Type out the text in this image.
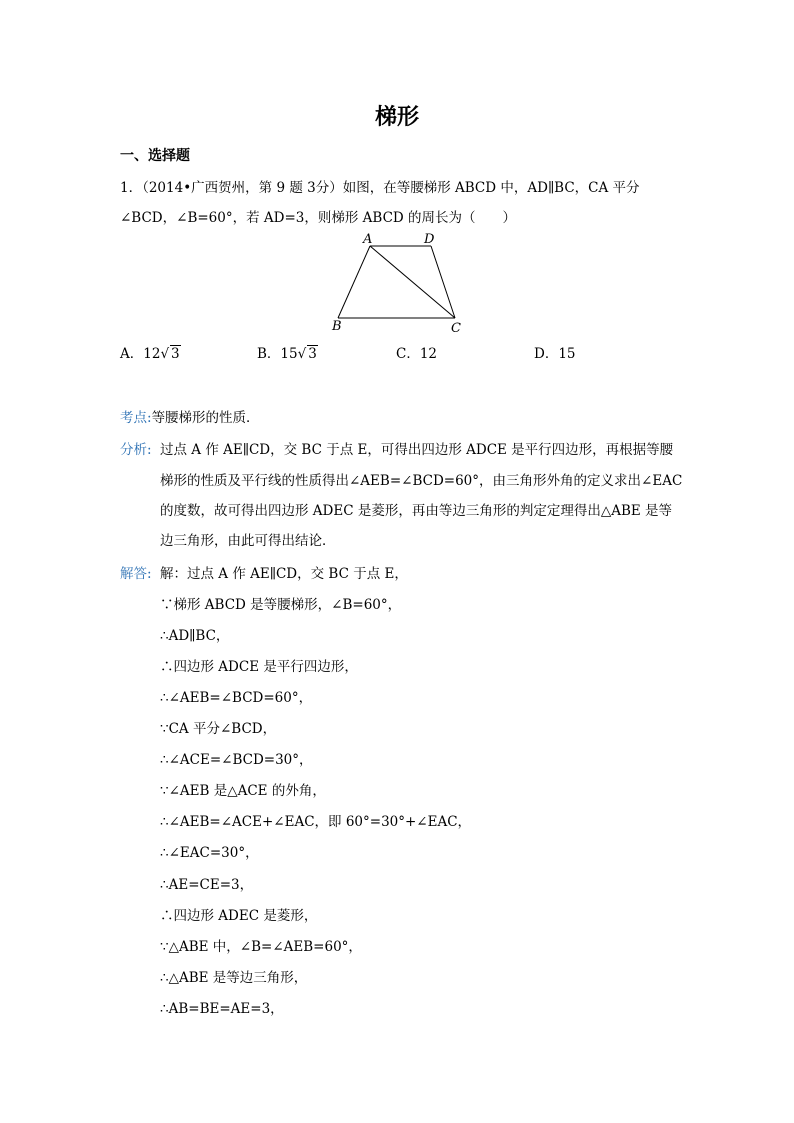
梯形
一、选择题
1．（2014•广西贺州，第 9 题 3分）如图，在等腰梯形 ABCD 中，AD∥BC，CA 平分
∠BCD，∠B=60°，若 AD=3，则梯形 ABCD 的周长为（　　）
A	D
B	C
A．12√ 3	B．15√ 3	C．12	D．15
考点:等腰梯形的性质．
分析: 过点 A 作 AE∥CD，交 BC 于点 E，可得出四边形 ADCE 是平行四边形，再根据等腰
梯形的性质及平行线的性质得出∠AEB=∠BCD=60°，由三角形外角的定义求出∠EAC
的度数，故可得出四边形 ADEC 是菱形，再由等边三角形的判定定理得出△ABE 是等
边三角形，由此可得出结论．
解答: 解：过点 A 作 AE∥CD，交 BC 于点 E，
∵梯形 ABCD 是等腰梯形，∠B=60°，
∴AD∥BC，
∴四边形 ADCE 是平行四边形，
∴∠AEB=∠BCD=60°，
∵CA 平分∠BCD，
∴∠ACE=∠BCD=30°，
∵∠AEB 是△ACE 的外角，
∴∠AEB=∠ACE+∠EAC，即 60°=30°+∠EAC，
∴∠EAC=30°，
∴AE=CE=3，
∴四边形 ADEC 是菱形，
∵△ABE 中，∠B=∠AEB=60°，
∴△ABE 是等边三角形，
∴AB=BE=AE=3，
